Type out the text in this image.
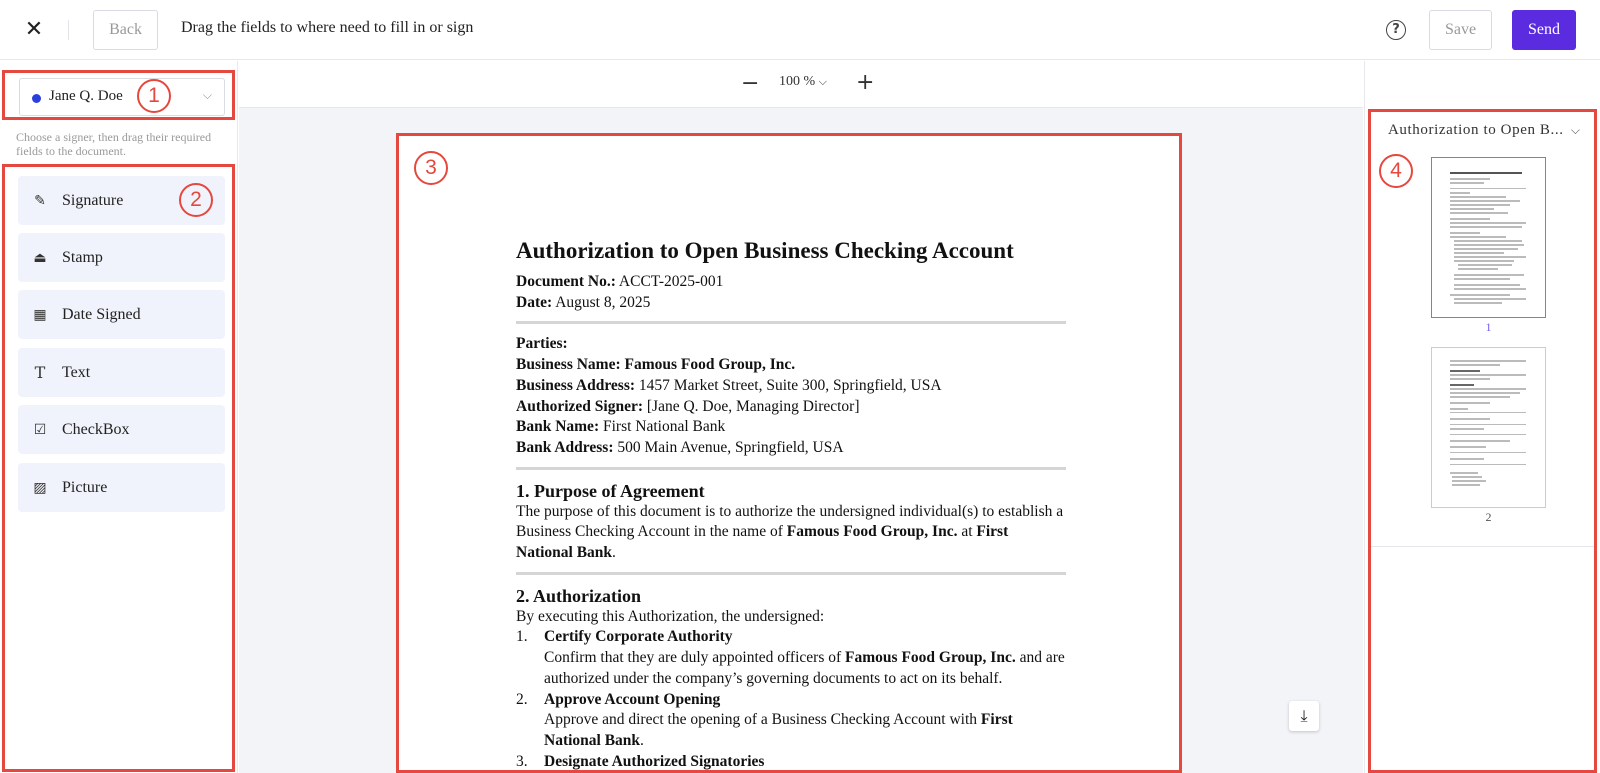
✕	Back	Drag the fields to where need to fill in or sign	?	Save	Send
Jane Q. Doe	⌵
1
Choose a signer, then drag their required fields to the document.
✎	Signature	2
⏏ Stamp
▦ Date Signed
T	Text
☑ CheckBox
▨ Picture
− 100 % ⌵ +
3
Authorization to Open Business Checking Account
Document No.: ACCT-2025-001
Date: August 8, 2025
Parties:
Business Name: Famous Food Group, Inc.
Business Address: 1457 Market Street, Suite 300, Springfield, USA
Authorized Signer: [Jane Q. Doe, Managing Director]
Bank Name: First National Bank
Bank Address: 500 Main Avenue, Springfield, USA
1. Purpose of Agreement
The purpose of this document is to authorize the undersigned individual(s) to establish a Business Checking Account in the name of Famous Food Group, Inc. at First National Bank.
2. Authorization
By executing this Authorization, the undersigned:
1. Certify Corporate Authority
Confirm that they are duly appointed officers of Famous Food Group, Inc. and are authorized under the company’s governing documents to act on its behalf.
2. Approve Account Opening
Approve and direct the opening of a Business Checking Account with First National Bank.
3. Designate Authorized Signatories
⤓
Authorization to Open B... ⌵
4
1
2
